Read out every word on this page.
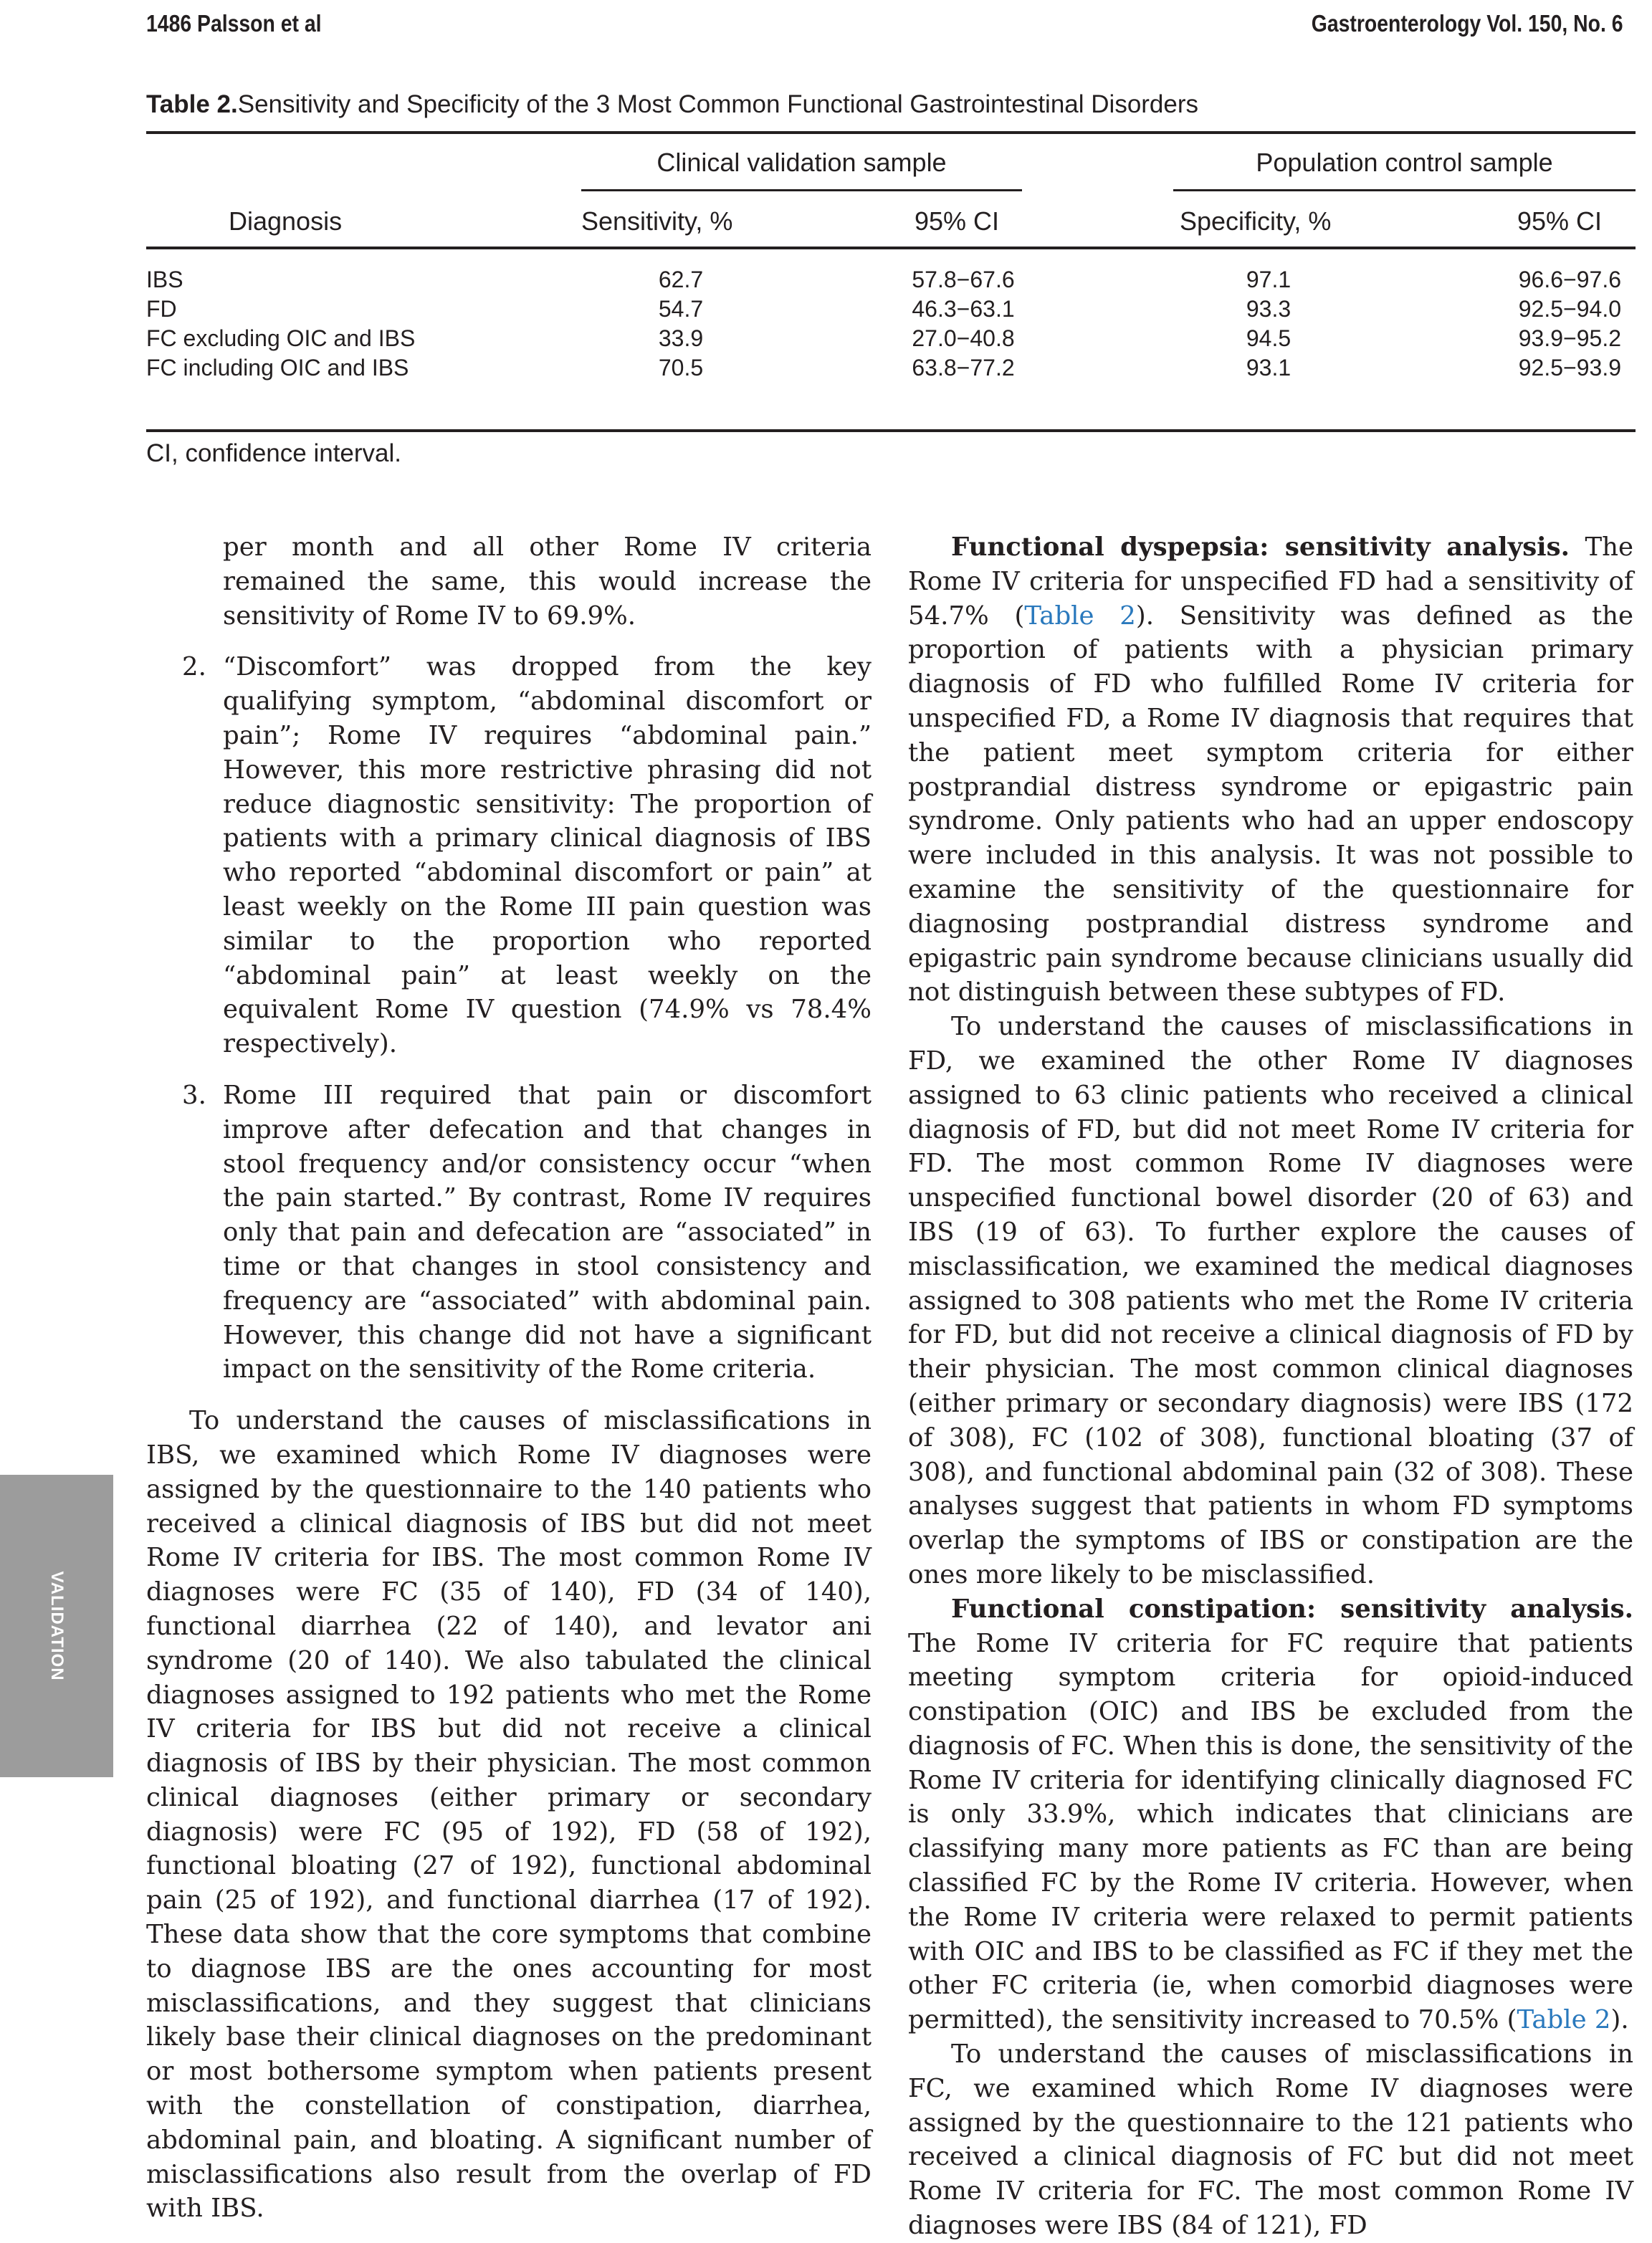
1486 Palsson et al	Gastroenterology Vol. 150, No. 6
Table 2.Sensitivity and Specificity of the 3 Most Common Functional Gastrointestinal Disorders
Clinical validation sample	Population control sample
Diagnosis	Sensitivity, %	95% CI	Specificity, %	95% CI
IBS	62.7	57.8−67.6	97.1	96.6−97.6
FD	54.7	46.3−63.1	93.3	92.5−94.0
FC excluding OIC and IBS	33.9	27.0−40.8	94.5	93.9−95.2
FC including OIC and IBS	70.5	63.8−77.2	93.1	92.5−93.9
CI, confidence interval.
per month and all other Rome IV criteria remained the same, this would increase the sensitivity of Rome IV to 69.9%.
2. “Discomfort” was dropped from the key qualifying symptom, “abdominal discomfort or pain”; Rome IV requires “abdominal pain.” However, this more restrictive phrasing did not reduce diagnostic sensitivity: The proportion of patients with a primary clinical diagnosis of IBS who reported “abdominal discomfort or pain” at least weekly on the Rome III pain question was similar to the proportion who reported “abdominal pain” at least weekly on the equivalent Rome IV question (74.9% vs 78.4% respectively).
3. Rome III required that pain or discomfort improve after defecation and that changes in stool frequency and/or consistency occur “when the pain started.” By contrast, Rome IV requires only that pain and defecation are “associated” in time or that changes in stool consistency and frequency are “associated” with abdominal pain. However, this change did not have a significant impact on the sensitivity of the Rome criteria.

To understand the causes of misclassifications in IBS, we examined which Rome IV diagnoses were assigned by the questionnaire to the 140 patients who received a clinical diagnosis of IBS but did not meet Rome IV criteria for IBS. The most common Rome IV diagnoses were FC (35 of 140), FD (34 of 140), functional diarrhea (22 of 140), and levator ani syndrome (20 of 140). We also tabulated the clinical diagnoses assigned to 192 patients who met the Rome IV criteria for IBS but did not receive a clinical diagnosis of IBS by their physician. The most common clinical diagnoses (either primary or secondary diagnosis) were FC (95 of 192), FD (58 of 192), functional bloating (27 of 192), functional abdominal pain (25 of 192), and functional diarrhea (17 of 192). These data show that the core symptoms that combine to diagnose IBS are the ones accounting for most misclassifications, and they suggest that clinicians likely base their clinical diagnoses on the predominant or most bothersome symptom when patients present with the constellation of constipation, diarrhea, abdominal pain, and bloating. A significant number of misclassifications also result from the overlap of FD with IBS.

Functional dyspepsia: sensitivity analysis. The Rome IV criteria for unspecified FD had a sensitivity of 54.7% (Table 2). Sensitivity was defined as the proportion of patients with a physician primary diagnosis of FD who fulfilled Rome IV criteria for unspecified FD, a Rome IV diagnosis that requires that the patient meet symptom criteria for either postprandial distress syndrome or epigastric pain syndrome. Only patients who had an upper endoscopy were included in this analysis. It was not possible to examine the sensitivity of the questionnaire for diagnosing postprandial distress syndrome and epigastric pain syndrome because clinicians usually did not distinguish between these subtypes of FD.

To understand the causes of misclassifications in FD, we examined the other Rome IV diagnoses assigned to 63 clinic patients who received a clinical diagnosis of FD, but did not meet Rome IV criteria for FD. The most common Rome IV diagnoses were unspecified functional bowel disorder (20 of 63) and IBS (19 of 63). To further explore the causes of misclassification, we examined the medical diagnoses assigned to 308 patients who met the Rome IV criteria for FD, but did not receive a clinical diagnosis of FD by their physician. The most common clinical diagnoses (either primary or secondary diagnosis) were IBS (172 of 308), FC (102 of 308), functional bloating (37 of 308), and functional abdominal pain (32 of 308). These analyses suggest that patients in whom FD symptoms overlap the symptoms of IBS or constipation are the ones more likely to be misclassified.

Functional constipation: sensitivity analysis. The Rome IV criteria for FC require that patients meeting symptom criteria for opioid-induced constipation (OIC) and IBS be excluded from the diagnosis of FC. When this is done, the sensitivity of the Rome IV criteria for identifying clinically diagnosed FC is only 33.9%, which indicates that clinicians are classifying many more patients as FC than are being classified FC by the Rome IV criteria. However, when the Rome IV criteria were relaxed to permit patients with OIC and IBS to be classified as FC if they met the other FC criteria (ie, when comorbid diagnoses were permitted), the sensitivity increased to 70.5% (Table 2).

To understand the causes of misclassifications in FC, we examined which Rome IV diagnoses were assigned by the questionnaire to the 121 patients who received a clinical diagnosis of FC but did not meet Rome IV criteria for FC. The most common Rome IV diagnoses were IBS (84 of 121), FD

VALIDATION
